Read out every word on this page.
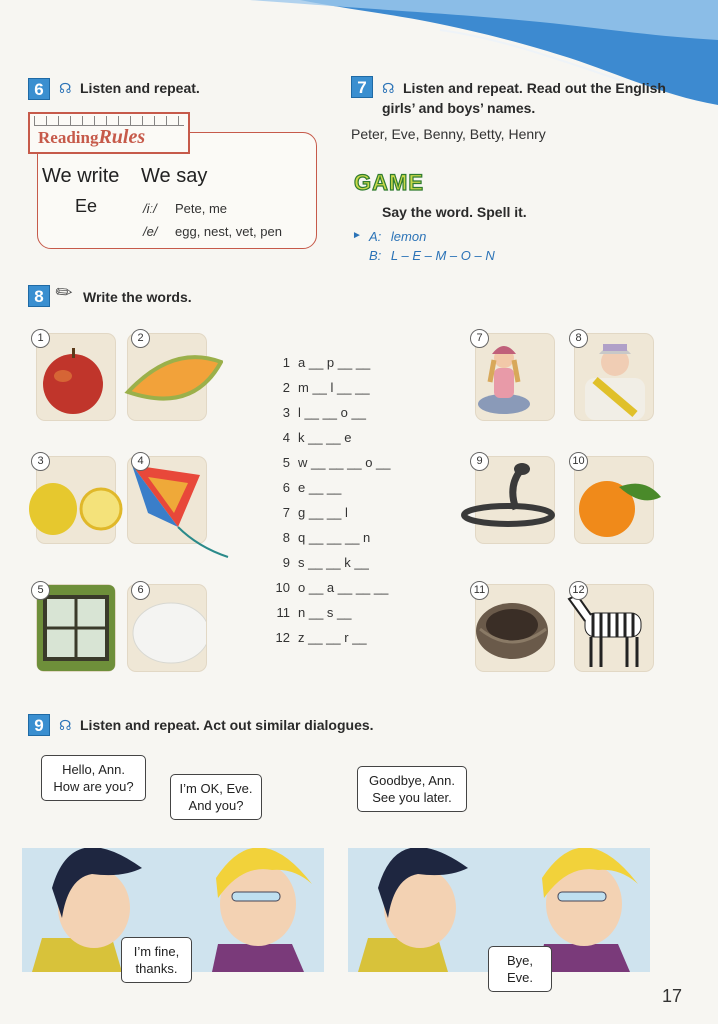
6	☊ Listen and repeat.
ReadingRules
We write We say
Ee	/iː/ Pete, me
/e/ egg, nest, vet, pen
7	☊ Listen and repeat. Read out the English
girls’ and boys’ names.
Peter, Eve, Benny, Betty, Henry
GAME
Say the word. Spell it.
► A: lemon
B: L – E – M – O – N
8 ✎ Write the words.
1	2
3	4
5	6
1 a __ p __ __
2 m __ l __ __
3 l __ __ o __
4 k __ __ e
5 w __ __ __ o __
6 e __ __
7 g __ __ l
8 q __ __ __ n
9 s __ __ k __
10 o __ a __ __ __
11 n __ s __
12 z __ __ r __
7	8
9	10
11	12
9	☊ Listen and repeat. Act out similar dialogues.
Hello, Ann.
How are you?	I’m OK, Eve.
And you?
I’m fine,
thanks.
Goodbye, Ann.
See you later.
Bye, Eve.
17
